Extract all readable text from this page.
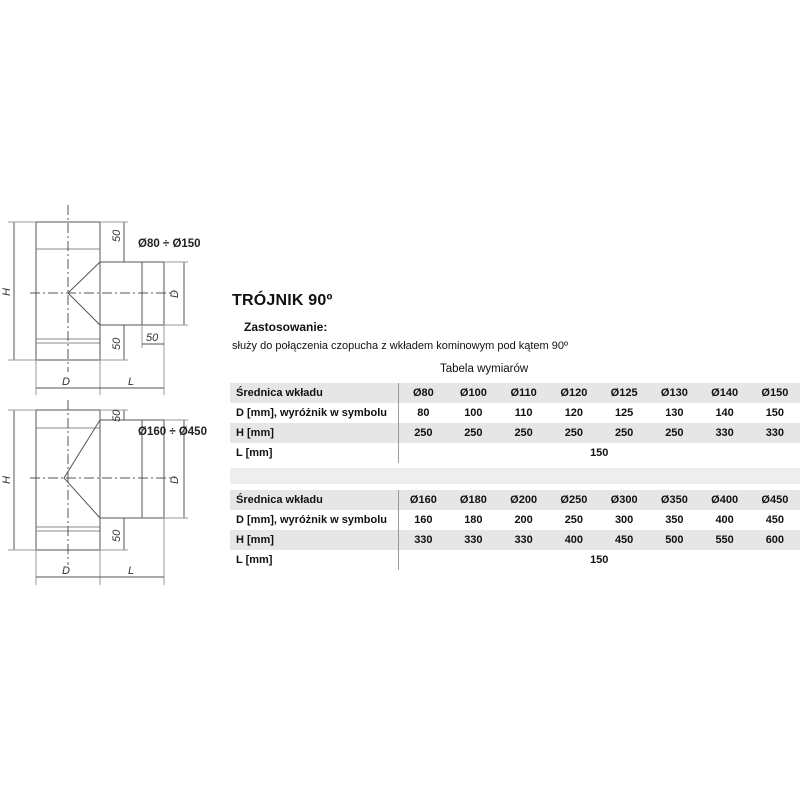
H
50
50 50
D
D	L
H
50
50
D
D	L
Ø80 ÷ Ø150
Ø160 ÷ Ø450
TRÓJNIK 90º
Zastosowanie:
służy do połączenia czopucha z wkładem kominowym pod kątem 90º
Tabela wymiarów
Średnica wkładu	Ø80	Ø100	Ø110	Ø120	Ø125	Ø130	Ø140	Ø150
D [mm], wyróżnik w symbolu	80	100	110	120	125	130	140	150
H [mm]	250	250	250	250	250	250	330	330
L [mm]	150							
Średnica wkładu	Ø160	Ø180	Ø200	Ø250	Ø300	Ø350	Ø400	Ø450
D [mm], wyróżnik w symbolu	160	180	200	250	300	350	400	450
H [mm]	330	330	330	400	450	500	550	600
L [mm]	150							
